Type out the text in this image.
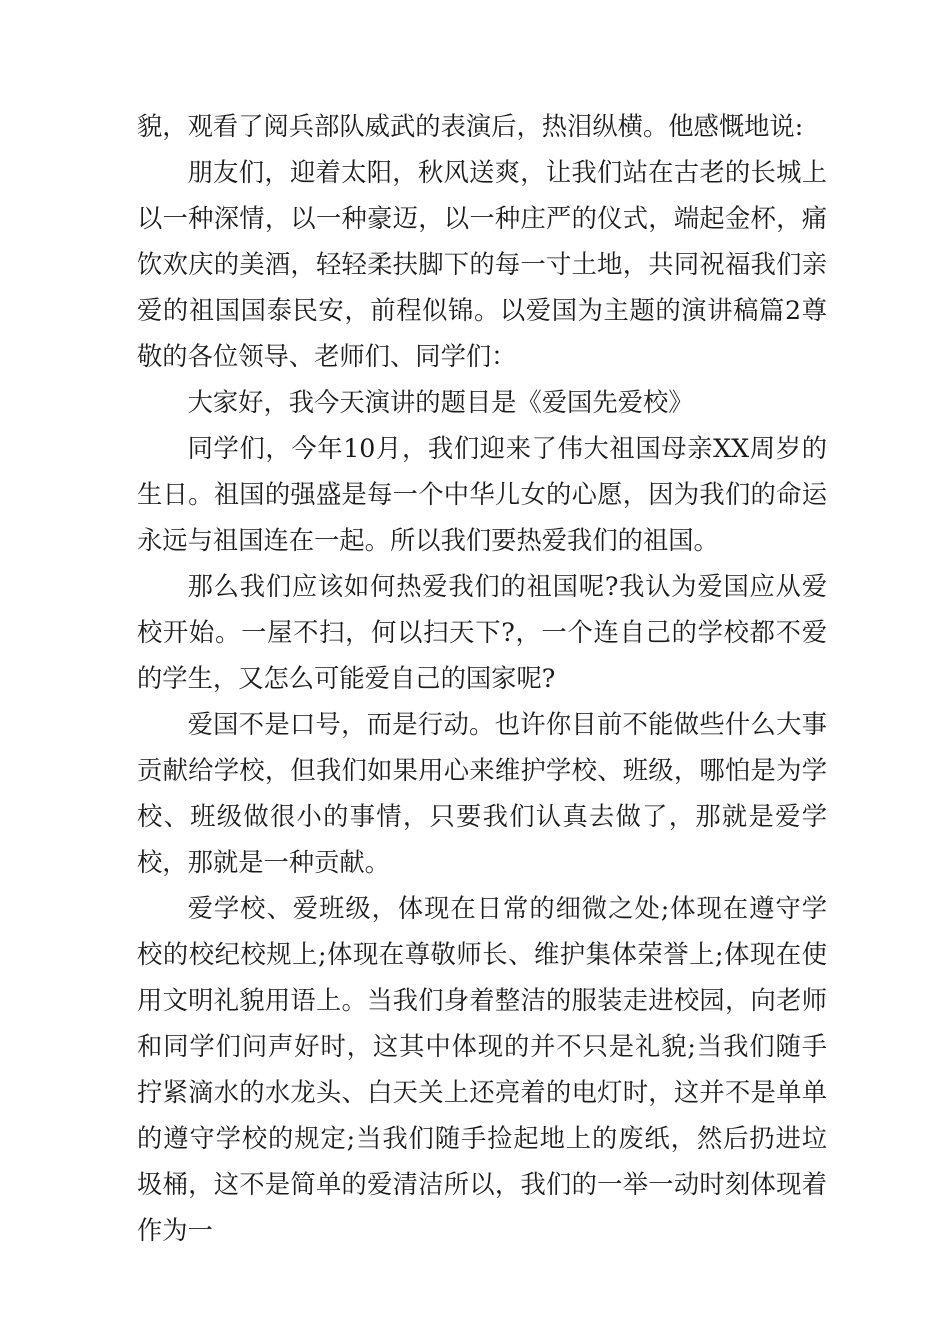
貌，观看了阅兵部队威武的表演后，热泪纵横。他感慨地说:

朋友们，迎着太阳，秋风送爽，让我们站在古老的长城上以一种深情，以一种豪迈，以一种庄严的仪式，端起金杯，痛饮欢庆的美酒，轻轻柔扶脚下的每一寸土地，共同祝福我们亲爱的祖国国泰民安，前程似锦。以爱国为主题的演讲稿篇2尊敬的各位领导、老师们、同学们：

大家好，我今天演讲的题目是《爱国先爱校》

同学们，今年10月，我们迎来了伟大祖国母亲XX周岁的生日。祖国的强盛是每一个中华儿女的心愿，因为我们的命运永远与祖国连在一起。所以我们要热爱我们的祖国。

那么我们应该如何热爱我们的祖国呢?我认为爱国应从爱校开始。一屋不扫，何以扫天下?，一个连自己的学校都不爱的学生，又怎么可能爱自己的国家呢?

爱国不是口号，而是行动。也许你目前不能做些什么大事贡献给学校，但我们如果用心来维护学校、班级，哪怕是为学校、班级做很小的事情，只要我们认真去做了，那就是爱学校，那就是一种贡献。

爱学校、爱班级，体现在日常的细微之处;体现在遵守学校的校纪校规上;体现在尊敬师长、维护集体荣誉上;体现在使用文明礼貌用语上。当我们身着整洁的服装走进校园，向老师和同学们问声好时，这其中体现的并不只是礼貌;当我们随手拧紧滴水的水龙头、白天关上还亮着的电灯时，这并不是单单的遵守学校的规定;当我们随手捡起地上的废纸，然后扔进垃圾桶，这不是简单的爱清洁所以，我们的一举一动时刻体现着作为一
